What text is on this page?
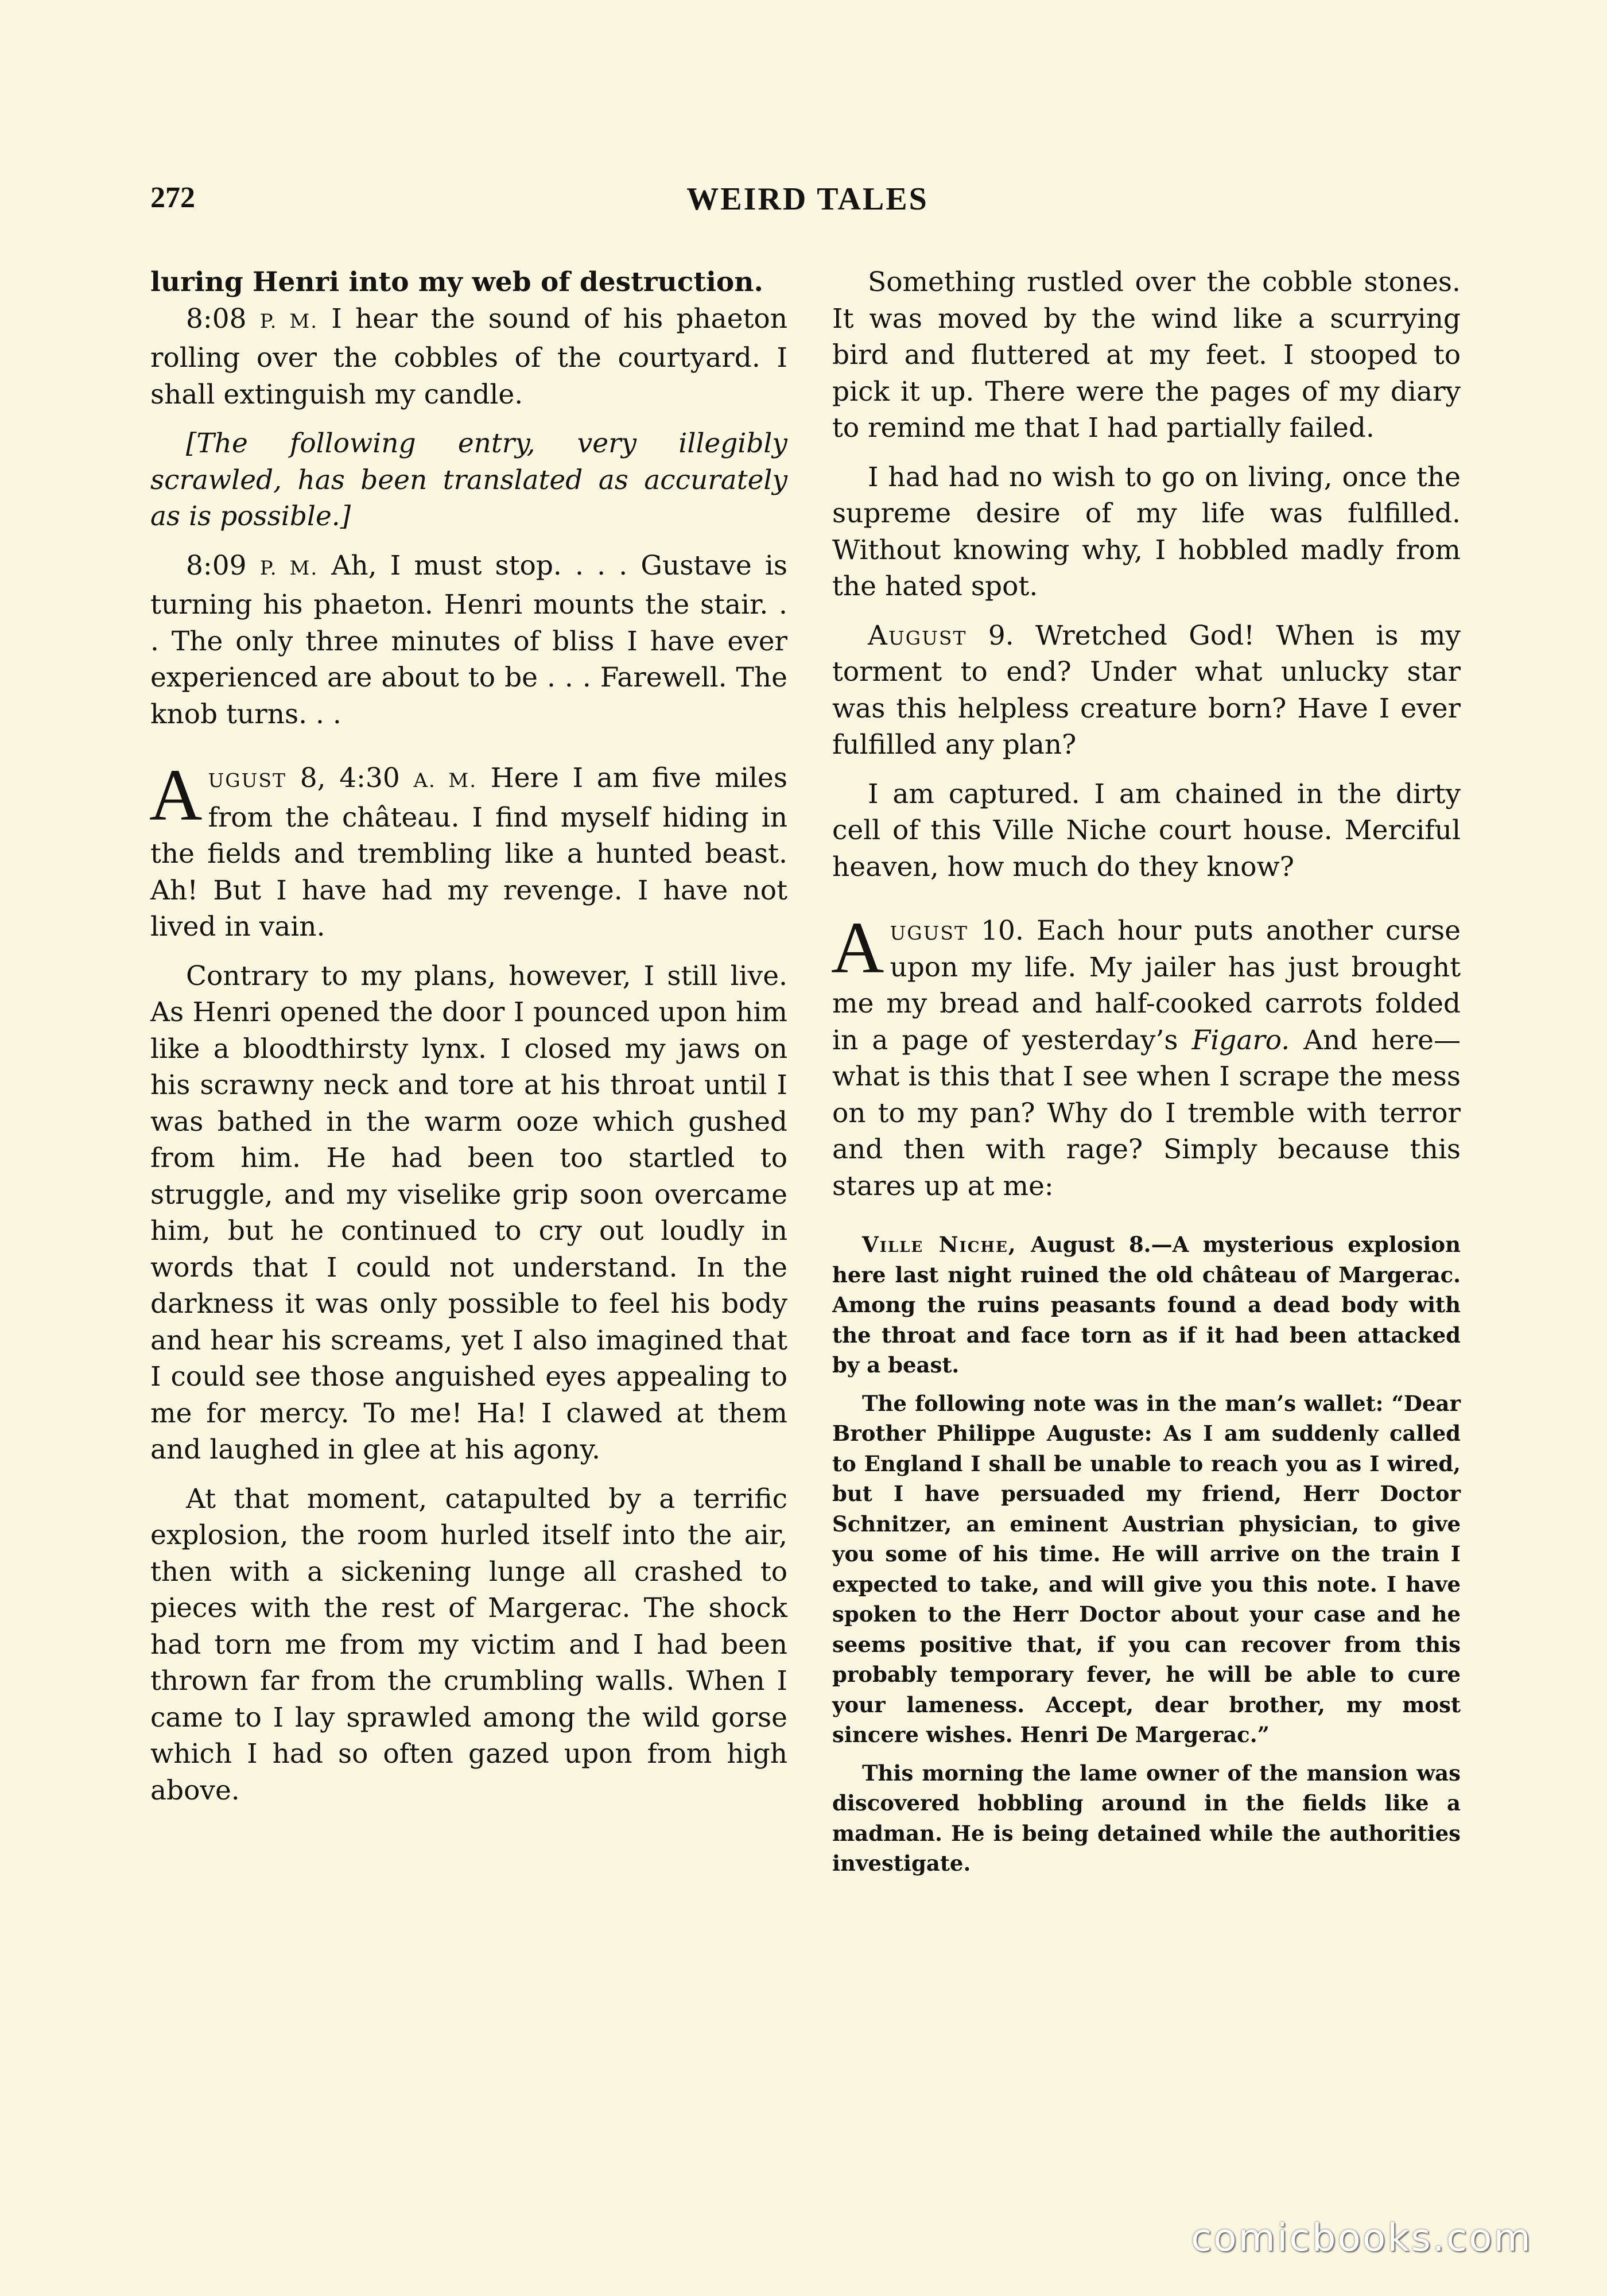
272	WEIRD TALES

luring Henri into my web of destruction.

8:08 P. M. I hear the sound of his phaeton rolling over the cobbles of the courtyard. I shall extinguish my candle.

[The following entry, very illegibly scrawled, has been translated as accurately as is possible.]

8:09 P. M. Ah, I must stop. . . . Gustave is turning his phaeton. Henri mounts the stair. . . The only three minutes of bliss I have ever experienced are about to be . . . Farewell. The knob turns. . .

August 8, 4:30 A. M. Here I am five miles from the château. I find myself hiding in the fields and trembling like a hunted beast. Ah! But I have had my revenge. I have not lived in vain.

Contrary to my plans, however, I still live. As Henri opened the door I pounced upon him like a bloodthirsty lynx. I closed my jaws on his scrawny neck and tore at his throat until I was bathed in the warm ooze which gushed from him. He had been too startled to struggle, and my viselike grip soon overcame him, but he continued to cry out loudly in words that I could not understand. In the darkness it was only possible to feel his body and hear his screams, yet I also imagined that I could see those anguished eyes appealing to me for mercy. To me! Ha! I clawed at them and laughed in glee at his agony.

At that moment, catapulted by a terrific explosion, the room hurled itself into the air, then with a sickening lunge all crashed to pieces with the rest of Margerac. The shock had torn me from my victim and I had been thrown far from the crumbling walls. When I came to I lay sprawled among the wild gorse which I had so often gazed upon from high above.

Something rustled over the cobble stones. It was moved by the wind like a scurrying bird and fluttered at my feet. I stooped to pick it up. There were the pages of my diary to remind me that I had partially failed.

I had had no wish to go on living, once the supreme desire of my life was fulfilled. Without knowing why, I hobbled madly from the hated spot.

August 9. Wretched God! When is my torment to end? Under what unlucky star was this helpless creature born? Have I ever fulfilled any plan?

I am captured. I am chained in the dirty cell of this Ville Niche court house. Merciful heaven, how much do they know?

August 10. Each hour puts another curse upon my life. My jailer has just brought me my bread and half-cooked carrots folded in a page of yesterday’s Figaro. And here—what is this that I see when I scrape the mess on to my pan? Why do I tremble with terror and then with rage? Simply because this stares up at me:

Ville Niche, August 8.—A mysterious explosion here last night ruined the old château of Margerac. Among the ruins peasants found a dead body with the throat and face torn as if it had been attacked by a beast.

The following note was in the man’s wallet: “Dear Brother Philippe Auguste: As I am suddenly called to England I shall be unable to reach you as I wired, but I have persuaded my friend, Herr Doctor Schnitzer, an eminent Austrian physician, to give you some of his time. He will arrive on the train I expected to take, and will give you this note. I have spoken to the Herr Doctor about your case and he seems positive that, if you can recover from this probably temporary fever, he will be able to cure your lameness. Accept, dear brother, my most sincere wishes. Henri De Margerac.”

This morning the lame owner of the mansion was discovered hobbling around in the fields like a madman. He is being detained while the authorities investigate.

comicbooks.com
